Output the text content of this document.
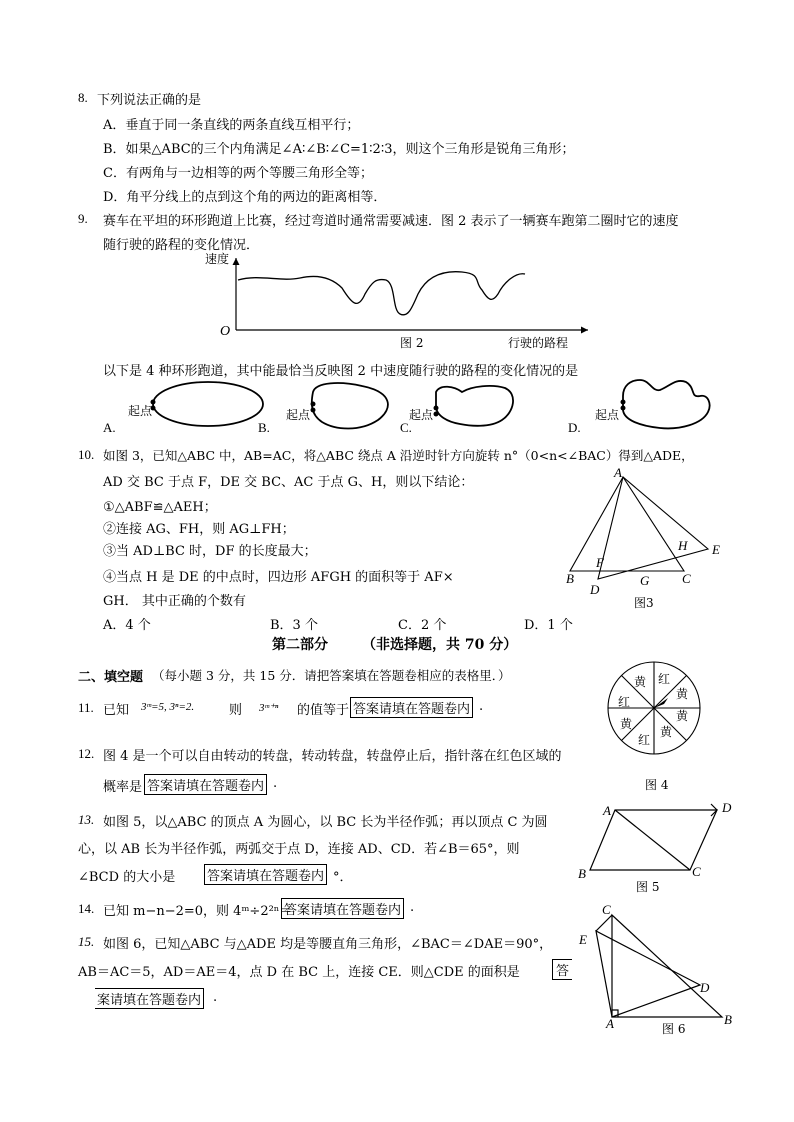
8. 下列说法正确的是
A．垂直于同一条直线的两条直线互相平行；
B．如果△ABC的三个内角满足∠A∶∠B∶∠C=1∶2∶3，则这个三角形是锐角三角形；
C．有两角与一边相等的两个等腰三角形全等；
D．角平分线上的点到这个角的两边的距离相等．
9. 赛车在平坦的环形跑道上比赛，经过弯道时通常需要减速．图 2 表示了一辆赛车跑第二圈时它的速度
随行驶的路程的变化情况．
速度
O
图 2	行驶的路程
以下是 4 种环形跑道，其中能最恰当反映图 2 中速度随行驶的路程的变化情况的是
起点	起点	起点	起点
A.	B.	C.	D.
10. 如图 3，已知△ABC 中，AB=AC，将△ABC 绕点 A 沿逆时针方向旋转 n°（0<n<∠BAC）得到△ADE，
AD 交 BC 于点 F，DE 交 BC、AC 于点 G、H，则以下结论：
①△ABF≌△AEH；
②连接 AG、FH，则 AG⊥FH；
③当 AD⊥BC 时，DF 的长度最大；
④当点 H 是 DE 的中点时，四边形 AFGH 的面积等于 AF×
GH． 其中正确的个数有
A．4 个	B．3 个	C．2 个	D．1 个
A
B	C
D
E
F
G
H
图3
第二部分 （非选择题，共 70 分）
二、填空题 （每小题 3 分，共 15 分．请把答案填在答题卷相应的表格里．）
11. 已知 3ᵐ=5, 3ⁿ=2.	则 3ᵐ⁺ⁿ 的值等于 答案请填在答题卷内 .
12. 图 4 是一个可以自由转动的转盘，转动转盘，转盘停止后，指针落在红色区域的
概率是 答案请填在答题卷内 .
红
黄
黄
黄
红
黄
红
黄
图 4
13. 如图 5，以△ABC 的顶点 A 为圆心，以 BC 长为半径作弧；再以顶点 C 为圆
心，以 AB 长为半径作弧，两弧交于点 D，连接 AD、CD．若∠B＝65°，则
∠BCD 的大小是 答案请填在答题卷内 °．
A
B	C
D
图 5
14. 已知 m−n−2=0，则 4ᵐ÷2²ⁿ＝
答案请填在答题卷内 .
15. 如图 6，已知△ABC 与△ADE 均是等腰直角三角形，∠BAC＝∠DAE＝90°，
AB＝AC＝5，AD＝AE＝4，点 D 在 BC 上，连接 CE．则△CDE 的面积是	答
案请填在答题卷内 .
C
E
D
A	B
图 6
